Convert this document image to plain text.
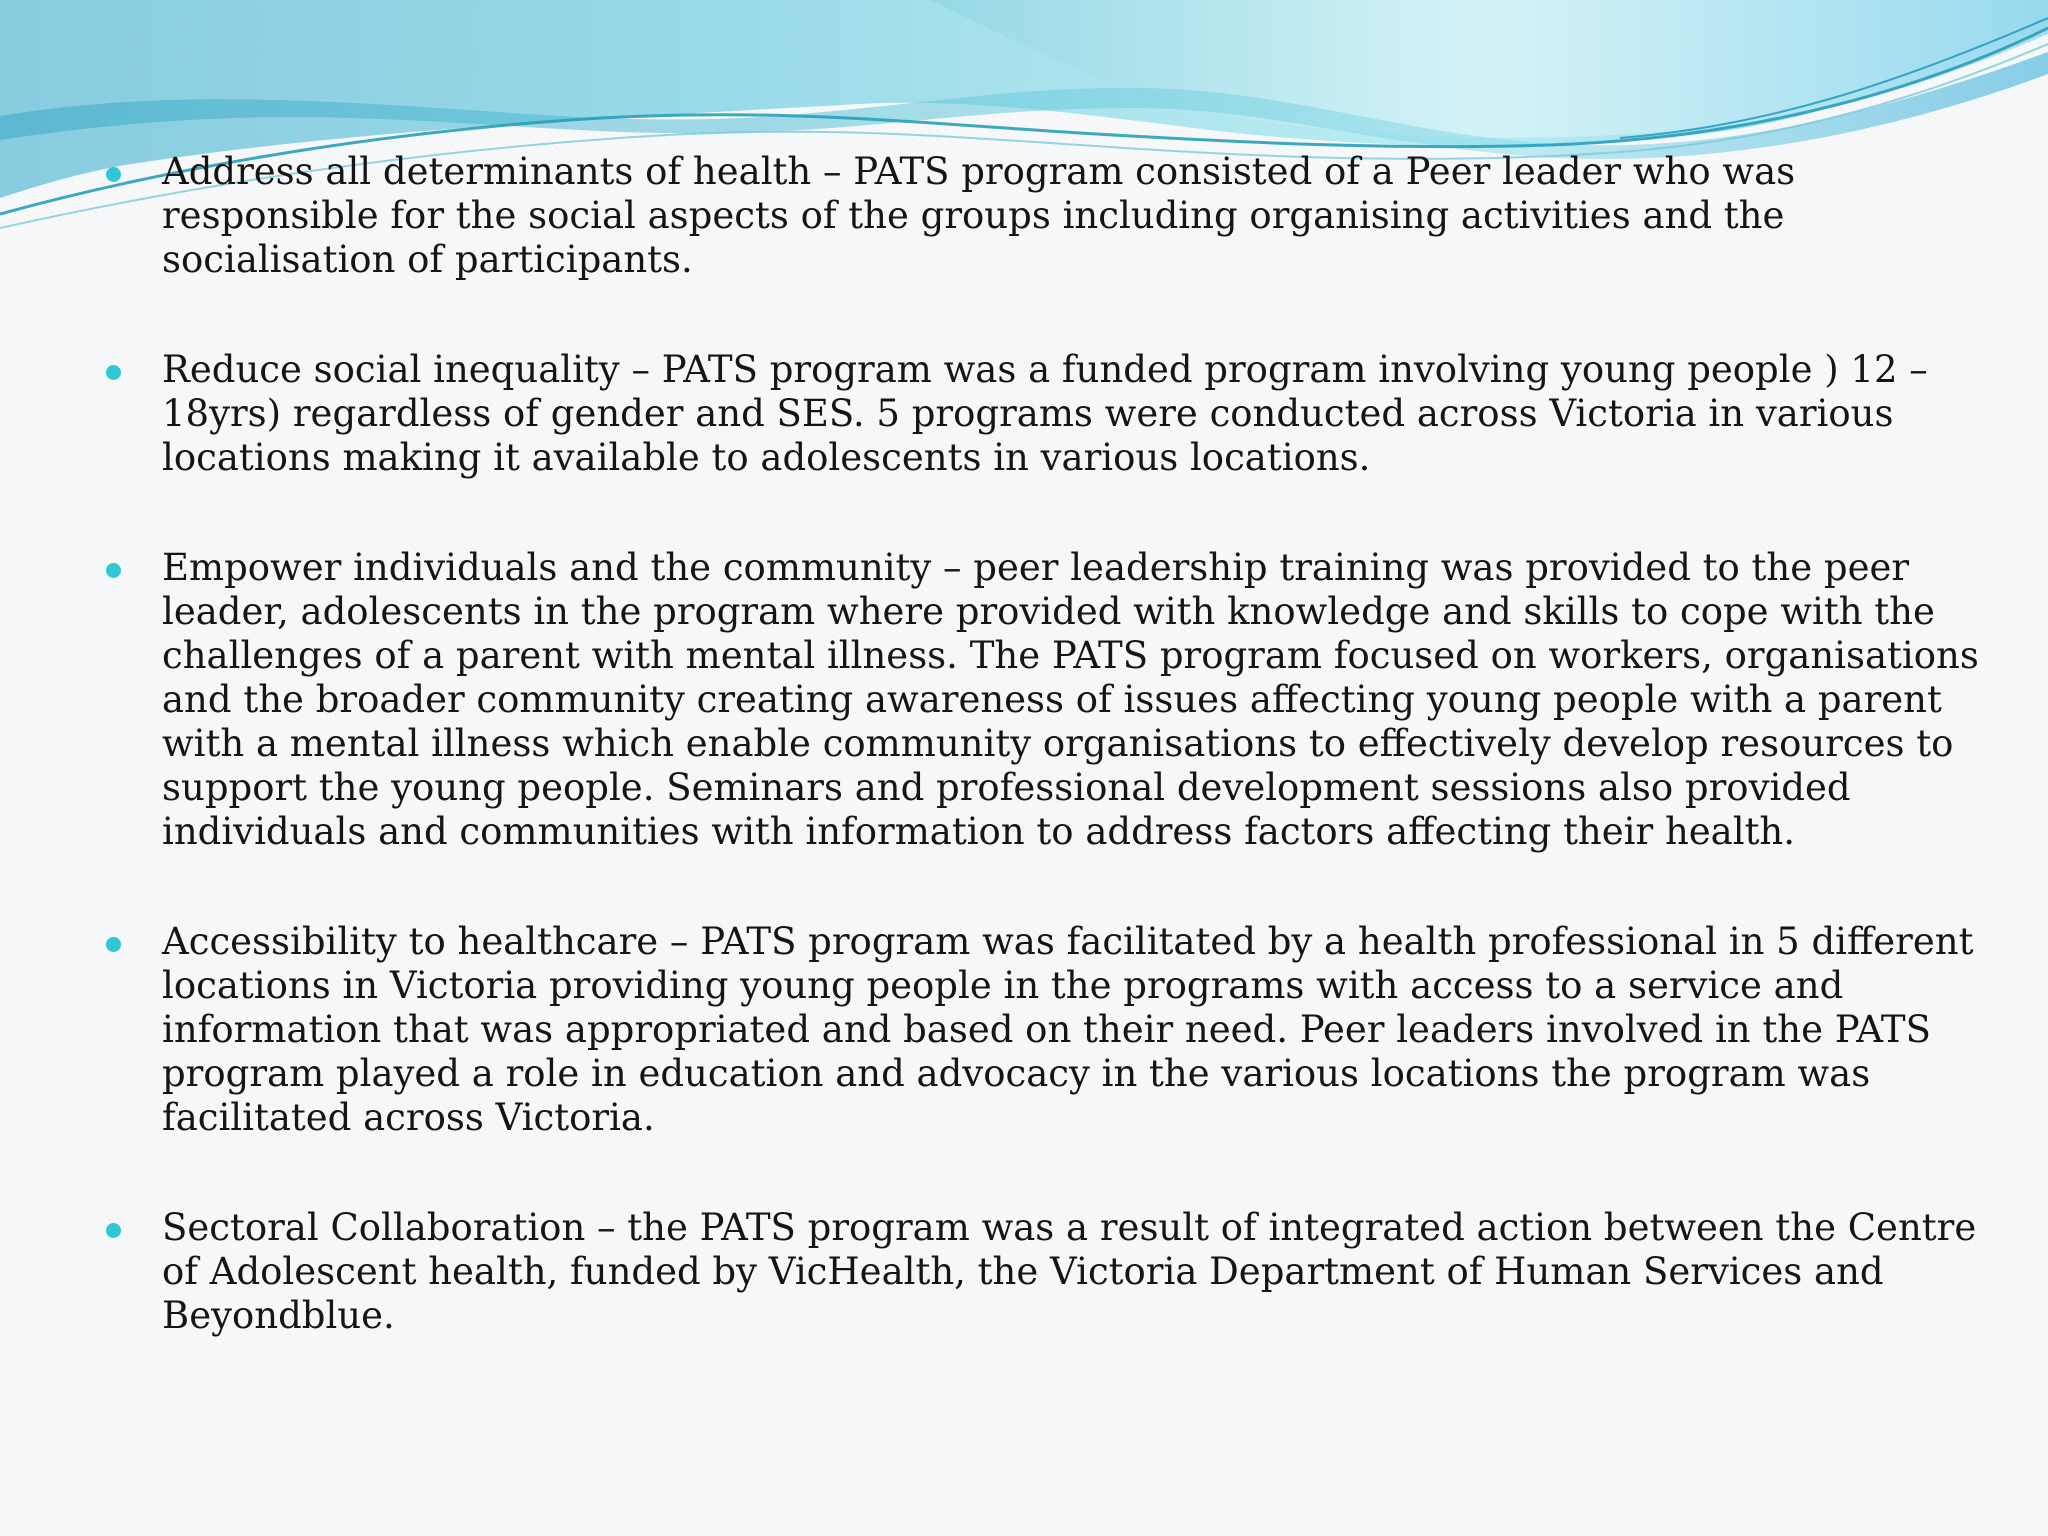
Address all determinants of health – PATS program consisted of a Peer leader who was responsible for the social aspects of the groups including organising activities and the socialisation of participants.
Reduce social inequality – PATS program was a funded program involving young people ) 12 – 18yrs) regardless of gender and SES. 5 programs were conducted across Victoria in various locations making it available to adolescents in various locations.
Empower individuals and the community – peer leadership training was provided to the peer leader, adolescents in the program where provided with knowledge and skills to cope with the challenges of a parent with mental illness. The PATS program focused on workers, organisations and the broader community creating awareness of issues affecting young people with a parent with a mental illness which enable community organisations to effectively develop resources to support the young people. Seminars and professional development sessions also provided individuals and communities with information to address factors affecting their health.
Accessibility to healthcare – PATS program was facilitated by a health professional in 5 different locations in Victoria providing young people in the programs with access to a service and information that was appropriated and based on their need. Peer leaders involved in the PATS program played a role in education and advocacy in the various locations the program was facilitated across Victoria.
Sectoral Collaboration – the PATS program was a result of integrated action between the Centre of Adolescent health, funded by VicHealth, the Victoria Department of Human Services and Beyondblue.
